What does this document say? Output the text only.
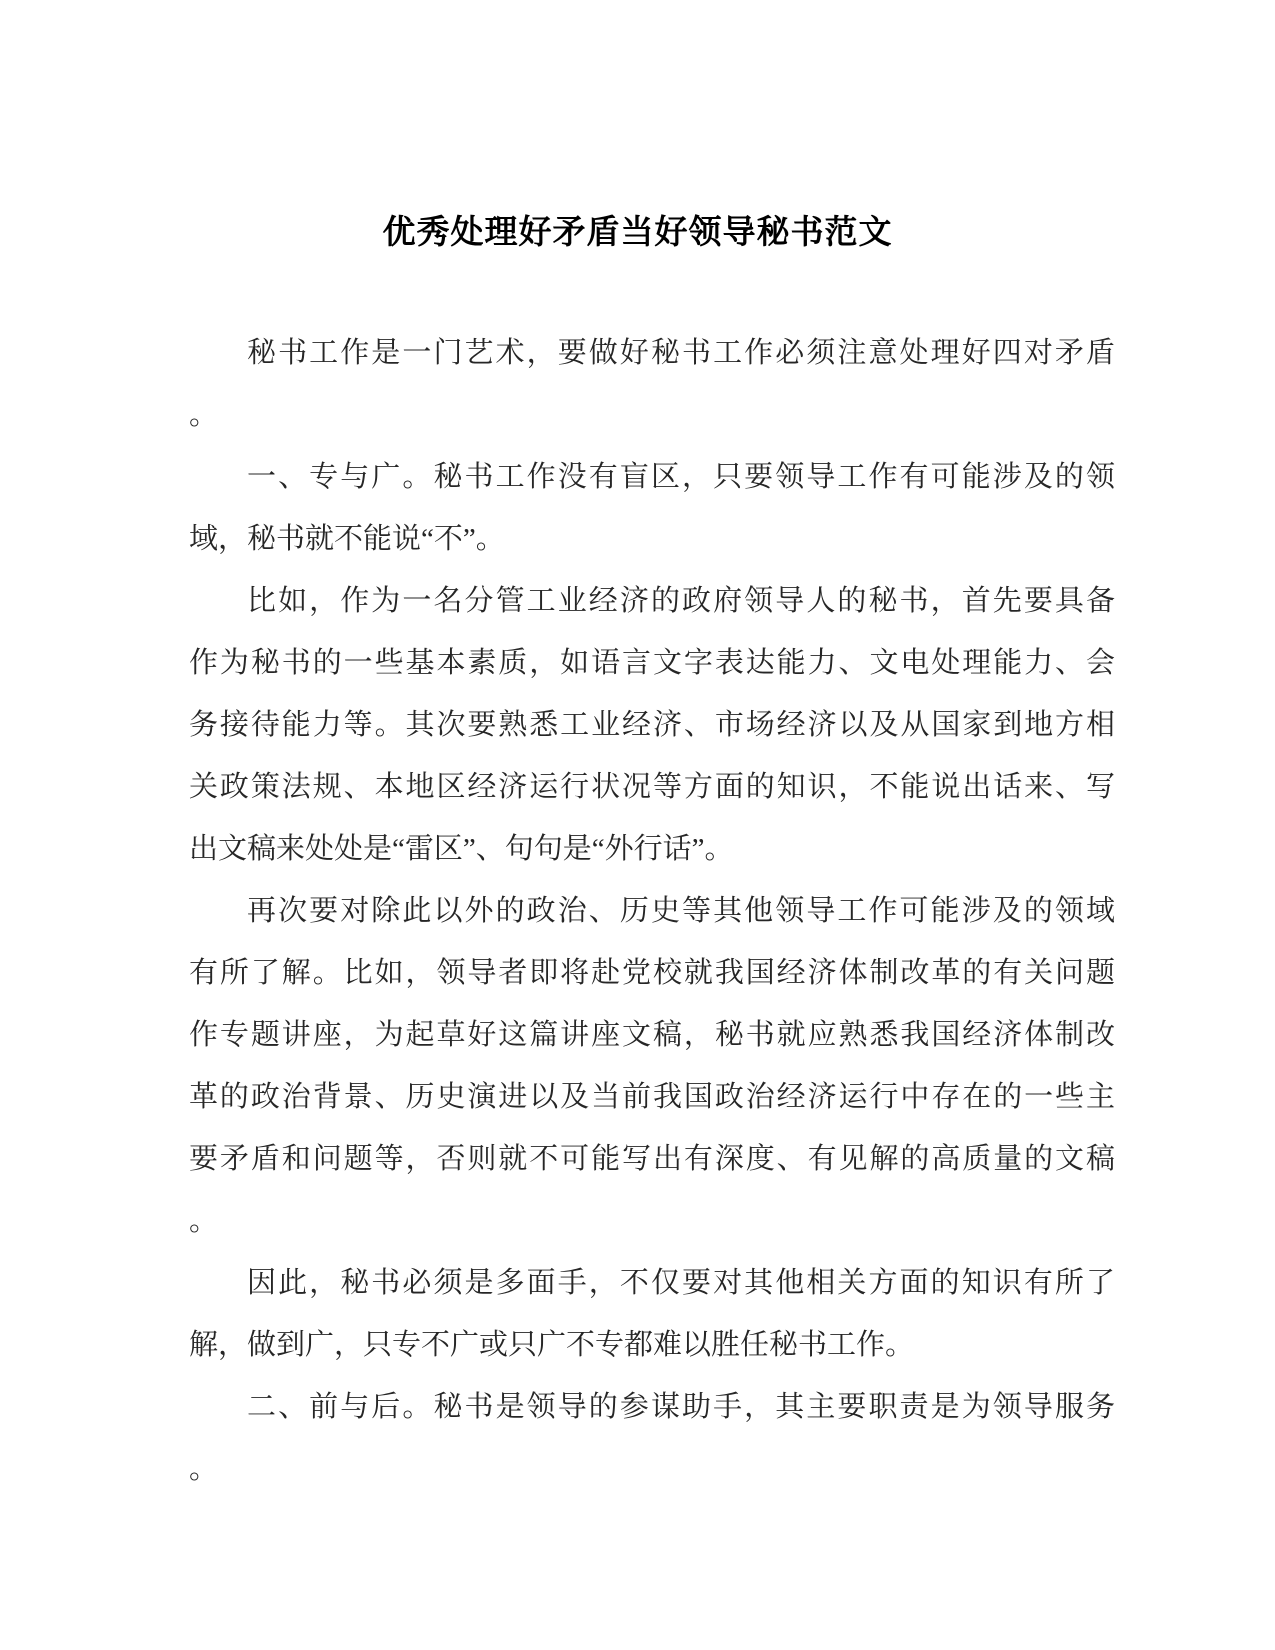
优秀处理好矛盾当好领导秘书范文

秘书工作是一门艺术，要做好秘书工作必须注意处理好四对矛盾
。

一、专与广。秘书工作没有盲区，只要领导工作有可能涉及的领
域，秘书就不能说“不”。

比如，作为一名分管工业经济的政府领导人的秘书，首先要具备
作为秘书的一些基本素质，如语言文字表达能力、文电处理能力、会
务接待能力等。其次要熟悉工业经济、市场经济以及从国家到地方相
关政策法规、本地区经济运行状况等方面的知识，不能说出话来、写
出文稿来处处是“雷区”、句句是“外行话”。

再次要对除此以外的政治、历史等其他领导工作可能涉及的领域
有所了解。比如，领导者即将赴党校就我国经济体制改革的有关问题
作专题讲座，为起草好这篇讲座文稿，秘书就应熟悉我国经济体制改
革的政治背景、历史演进以及当前我国政治经济运行中存在的一些主
要矛盾和问题等，否则就不可能写出有深度、有见解的高质量的文稿
。

因此，秘书必须是多面手，不仅要对其他相关方面的知识有所了
解，做到广，只专不广或只广不专都难以胜任秘书工作。

二、前与后。秘书是领导的参谋助手，其主要职责是为领导服务
。
